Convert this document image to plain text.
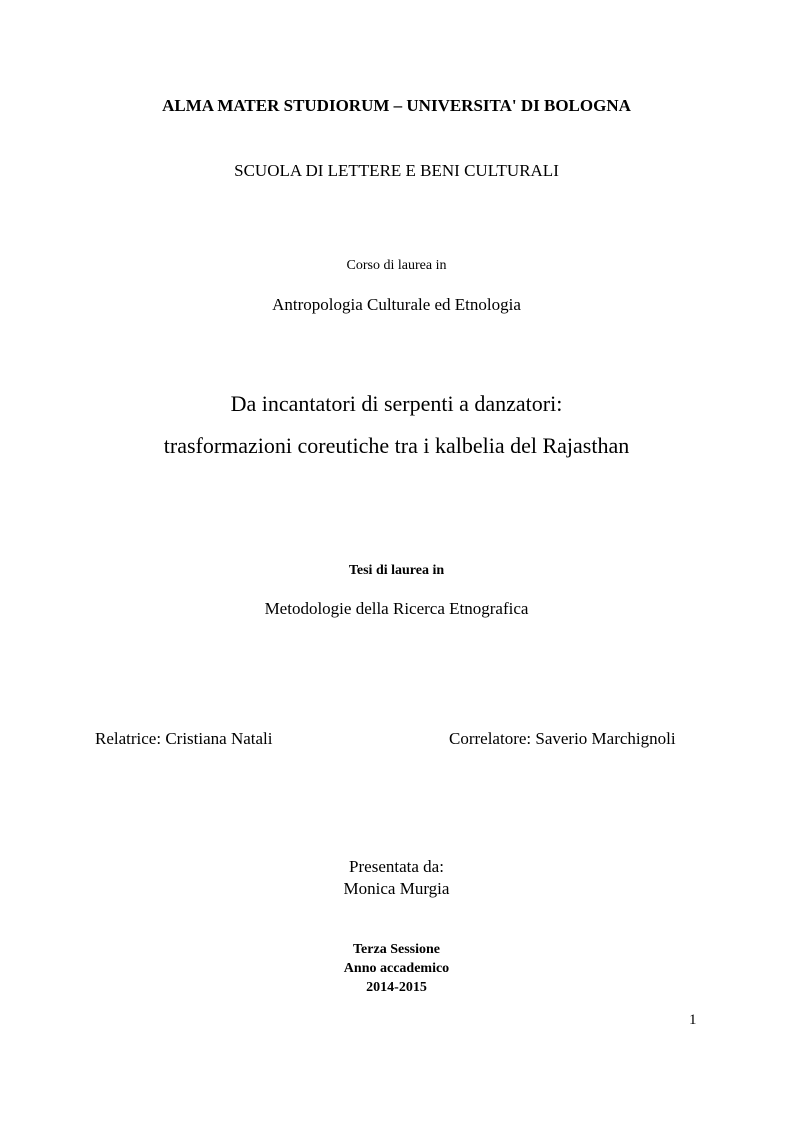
ALMA MATER STUDIORUM – UNIVERSITA' DI BOLOGNA
SCUOLA DI LETTERE E BENI CULTURALI
Corso di laurea in
Antropologia Culturale ed Etnologia
Da incantatori di serpenti a danzatori:
trasformazioni coreutiche tra i kalbelia del Rajasthan
Tesi di laurea in
Metodologie della Ricerca Etnografica
Relatrice: Cristiana Natali	Correlatore: Saverio Marchignoli
Presentata da:
Monica Murgia
Terza Sessione
Anno accademico
2014-2015
1
